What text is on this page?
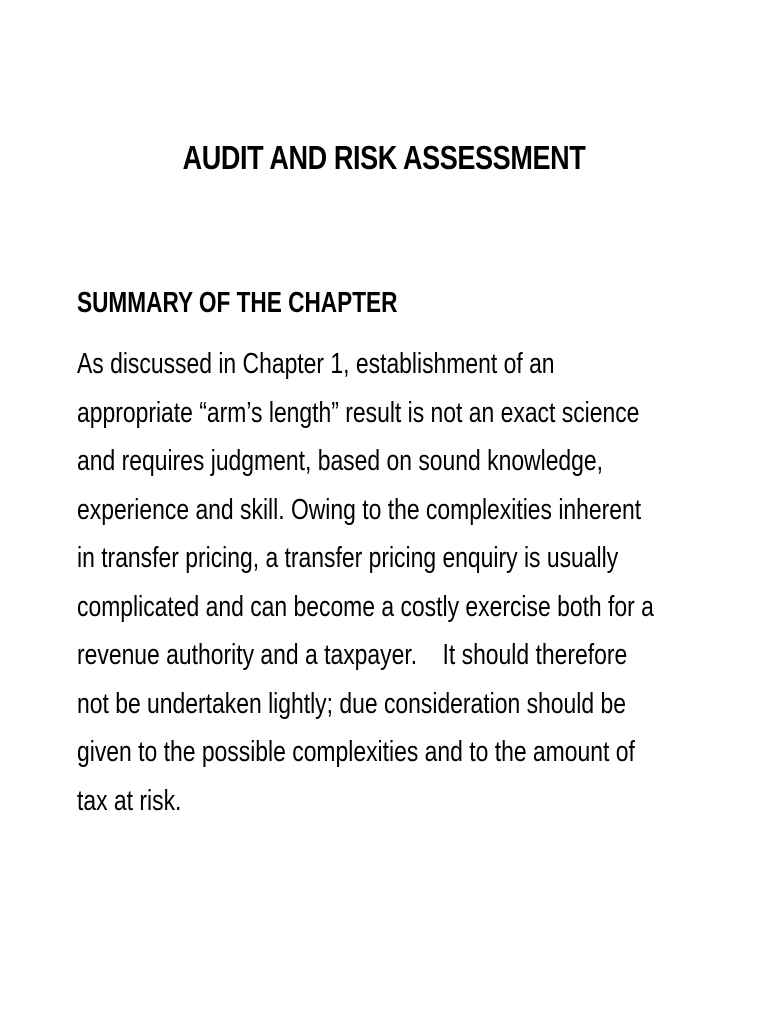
AUDIT AND RISK ASSESSMENT
SUMMARY OF THE CHAPTER
As discussed in Chapter 1, establishment of an
appropriate “arm’s length” result is not an exact science
and requires judgment, based on sound knowledge,
experience and skill. Owing to the complexities inherent
in transfer pricing, a transfer pricing enquiry is usually
complicated and can become a costly exercise both for a
revenue authority and a taxpayer.    It should therefore
not be undertaken lightly; due consideration should be
given to the possible complexities and to the amount of
tax at risk.
